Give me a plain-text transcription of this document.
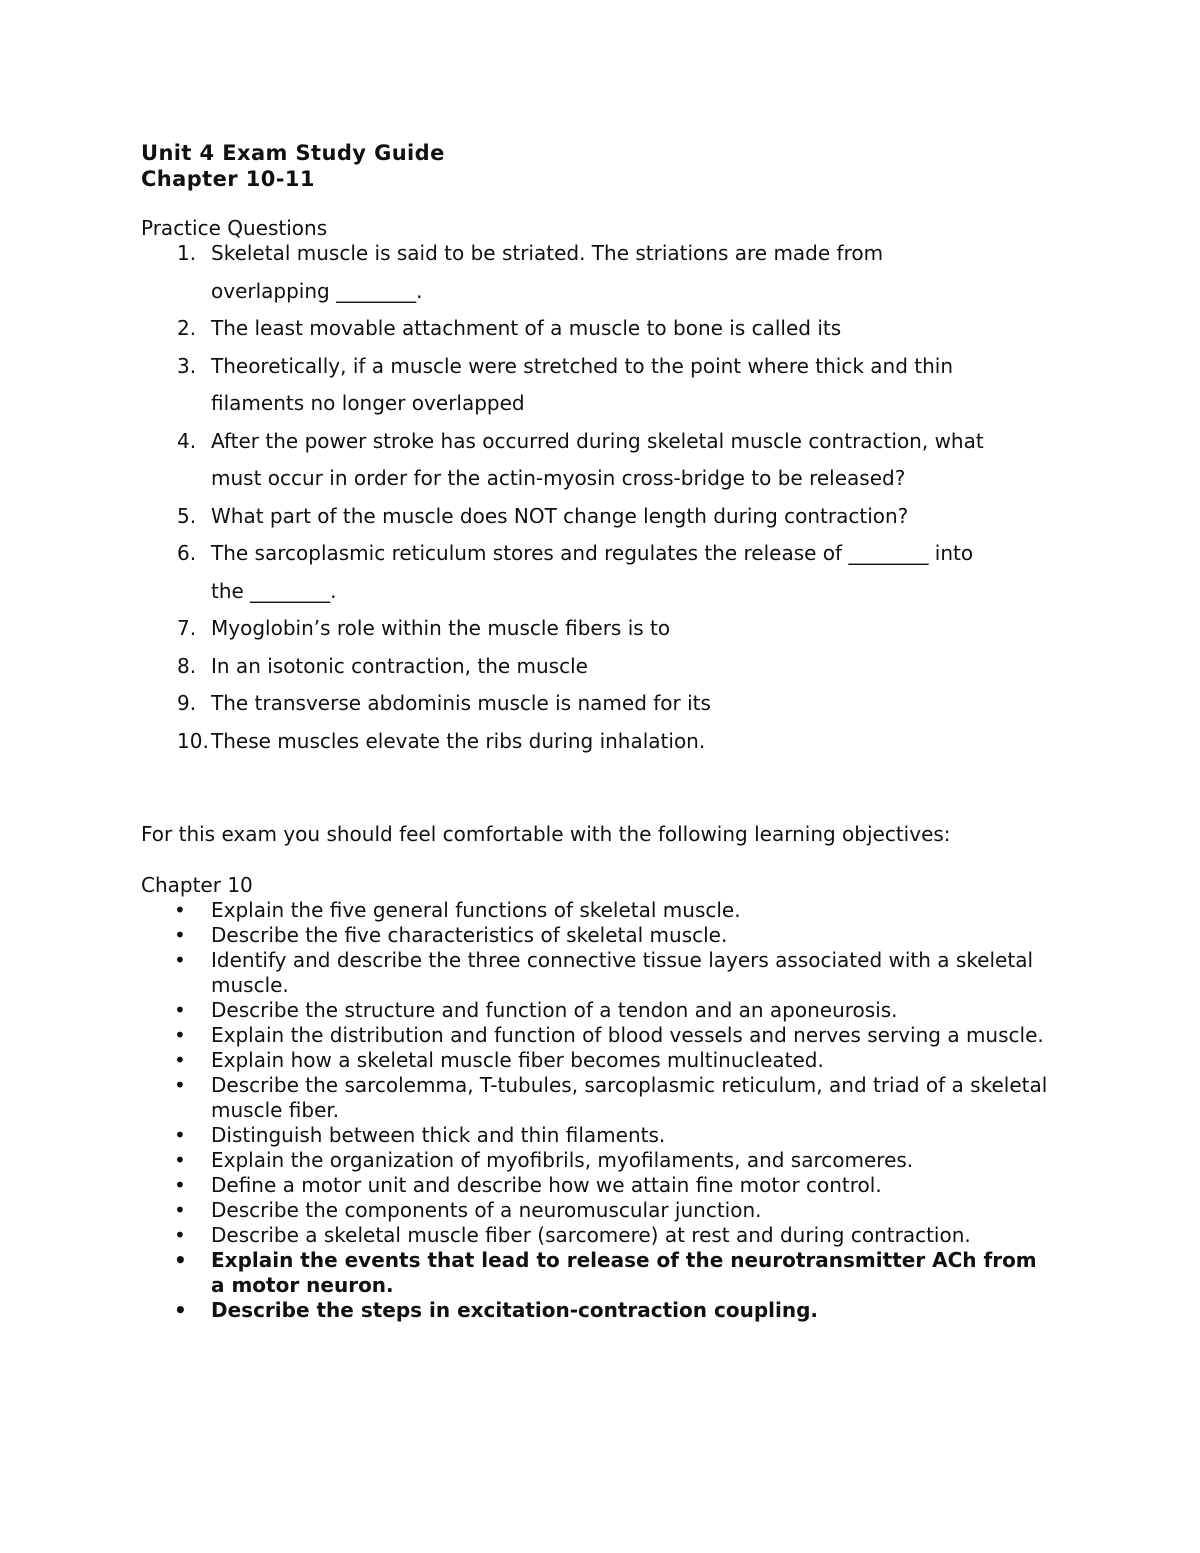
Unit 4 Exam Study Guide

Chapter 10-11

Practice Questions

1. Skeletal muscle is said to be striated. The striations are made from
overlapping ________.
2. The least movable attachment of a muscle to bone is called its
3. Theoretically, if a muscle were stretched to the point where thick and thin
filaments no longer overlapped
4. After the power stroke has occurred during skeletal muscle contraction, what
must occur in order for the actin-myosin cross-bridge to be released?
5. What part of the muscle does NOT change length during contraction?
6. The sarcoplasmic reticulum stores and regulates the release of ________ into
the ________.
7. Myoglobin’s role within the muscle fibers is to
8. In an isotonic contraction, the muscle
9. The transverse abdominis muscle is named for its
10. These muscles elevate the ribs during inhalation.

For this exam you should feel comfortable with the following learning objectives:

Chapter 10

• Explain the five general functions of skeletal muscle.
• Describe the five characteristics of skeletal muscle.
• Identify and describe the three connective tissue layers associated with a skeletal muscle.
• Describe the structure and function of a tendon and an aponeurosis.
• Explain the distribution and function of blood vessels and nerves serving a muscle.
• Explain how a skeletal muscle fiber becomes multinucleated.
• Describe the sarcolemma, T-tubules, sarcoplasmic reticulum, and triad of a skeletal muscle fiber.
• Distinguish between thick and thin filaments.
• Explain the organization of myofibrils, myofilaments, and sarcomeres.
• Define a motor unit and describe how we attain fine motor control.
• Describe the components of a neuromuscular junction.
• Describe a skeletal muscle fiber (sarcomere) at rest and during contraction.
• Explain the events that lead to release of the neurotransmitter ACh from a motor neuron.
• Describe the steps in excitation-contraction coupling.
